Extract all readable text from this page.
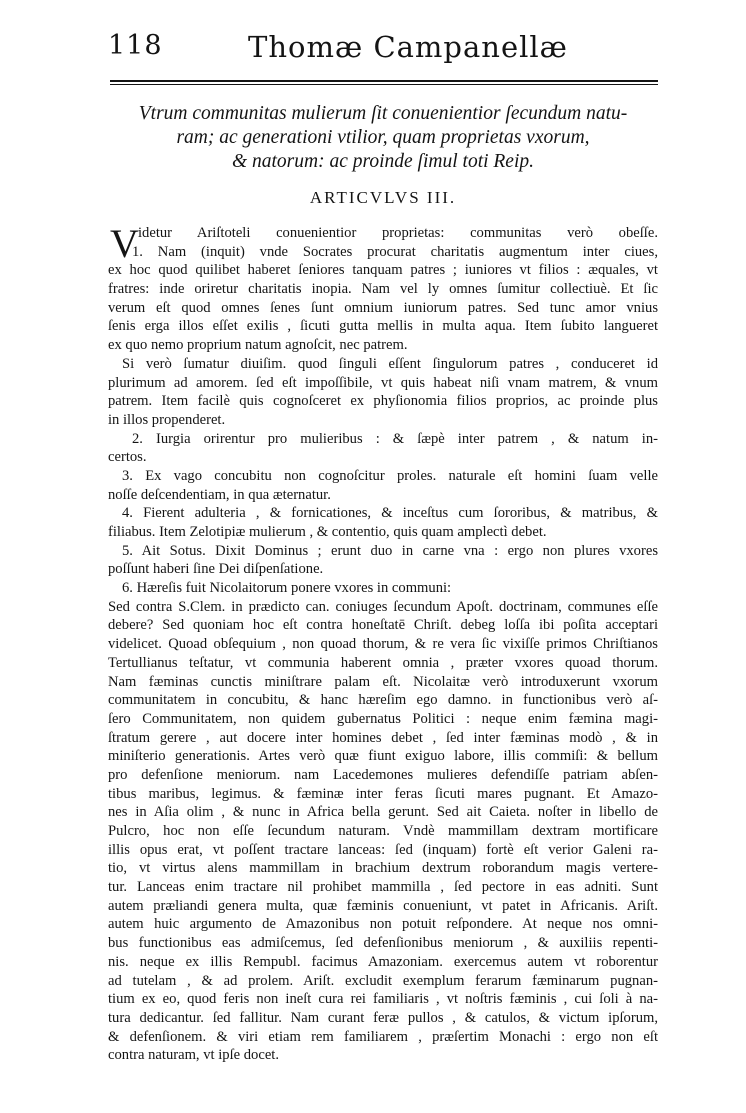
118	Thomæ Campanellæ
Vtrum communitas mulierum ſit conuenientior ſecundum natu-
ram; ac generationi vtilior, quam proprietas vxorum,
& natorum: ac proinde ſimul toti Reip.
ARTICVLVS III.
V idetur Ariſtoteli conuenientior proprietas: communitas verò obeſſe.
1. Nam (inquit) vnde Socrates procurat charitatis augmentum inter ciues,
ex hoc quod quilibet haberet ſeniores tanquam patres ; iuniores vt filios : æquales, vt
fratres: inde oriretur charitatis inopia. Nam vel ly omnes ſumitur collectiuè. Et ſic
verum eſt quod omnes ſenes ſunt omnium iuniorum patres. Sed tunc amor vnius
ſenis erga illos eſſet exilis , ſicuti gutta mellis in multa aqua. Item ſubito langueret
ex quo nemo proprium natum agnoſcit, nec patrem.
Si verò ſumatur diuiſim. quod ſinguli eſſent ſingulorum patres , conduceret id
plurimum ad amorem. ſed eſt impoſſibile, vt quis habeat niſi vnam matrem, & vnum
patrem. Item facilè quis cognoſceret ex phyſionomia filios proprios, ac proinde plus
in illos propenderet.
2. Iurgia orirentur pro mulieribus : & ſæpè inter patrem , & natum in-
certos.
3. Ex vago concubitu non cognoſcitur proles. naturale eſt homini ſuam velle
noſſe deſcendentiam, in qua æternatur.
4. Fierent adulteria , & fornicationes, & inceſtus cum ſororibus, & matribus, &
filiabus. Item Zelotipiæ mulierum , & contentio, quis quam amplectì debet.
5. Ait Sotus. Dixit Dominus ; erunt duo in carne vna : ergo non plures vxores
poſſunt haberi ſine Dei diſpenſatione.
6. Hæreſis fuit Nicolaitorum ponere vxores in communi:
Sed contra S.Clem. in prædicto can. coniuges ſecundum Apoſt. doctrinam, communes eſſe
debere? Sed quoniam hoc eſt contra honeſtatē Chriſt. debeg loſſa ibi poſita acceptari
videlicet. Quoad obſequium , non quoad thorum, & re vera ſic vixiſſe primos Chriſtianos
Tertullianus teſtatur, vt communia haberent omnia , præter vxores quoad thorum.
Nam fæminas cunctis miniſtrare palam eſt. Nicolaitæ verò introduxerunt vxorum
communitatem in concubitu, & hanc hæreſim ego damno. in functionibus verò aſ-
ſero Communitatem, non quidem gubernatus Politici : neque enim fæmina magi-
ſtratum gerere , aut docere inter homines debet , ſed inter fæminas modò , & in
miniſterio generationis. Artes verò quæ fiunt exiguo labore, illis commiſi: & bellum
pro defenſione meniorum. nam Lacedemones mulieres defendiſſe patriam abſen-
tibus maribus, legimus. & fæminæ inter feras ſicuti mares pugnant. Et Amazo-
nes in Aſia olim , & nunc in Africa bella gerunt. Sed ait Caieta. noſter in libello de
Pulcro, hoc non eſſe ſecundum naturam. Vndè mammillam dextram mortificare
illis opus erat, vt poſſent tractare lanceas: ſed (inquam) fortè eſt verior Galeni ra-
tio, vt virtus alens mammillam in brachium dextrum roborandum magis vertere-
tur. Lanceas enim tractare nil prohibet mammilla , ſed pectore in eas adniti. Sunt
autem præliandi genera multa, quæ fæminis conueniunt, vt patet in Africanis. Ariſt.
autem huic argumento de Amazonibus non potuit reſpondere. At neque nos omni-
bus functionibus eas admiſcemus, ſed defenſionibus meniorum , & auxiliis repenti-
nis. neque ex illis Rempubl. facimus Amazoniam. exercemus autem vt roborentur
ad tutelam , & ad prolem. Ariſt. excludit exemplum ferarum fæminarum pugnan-
tium ex eo, quod feris non ineſt cura rei familiaris , vt noſtris fæminis , cui ſoli à na-
tura dedicantur. ſed fallitur. Nam curant feræ pullos , & catulos, & victum ipſorum,
& defenſionem. & viri etiam rem familiarem , præſertim Monachi : ergo non eſt
contra naturam, vt ipſe docet.
